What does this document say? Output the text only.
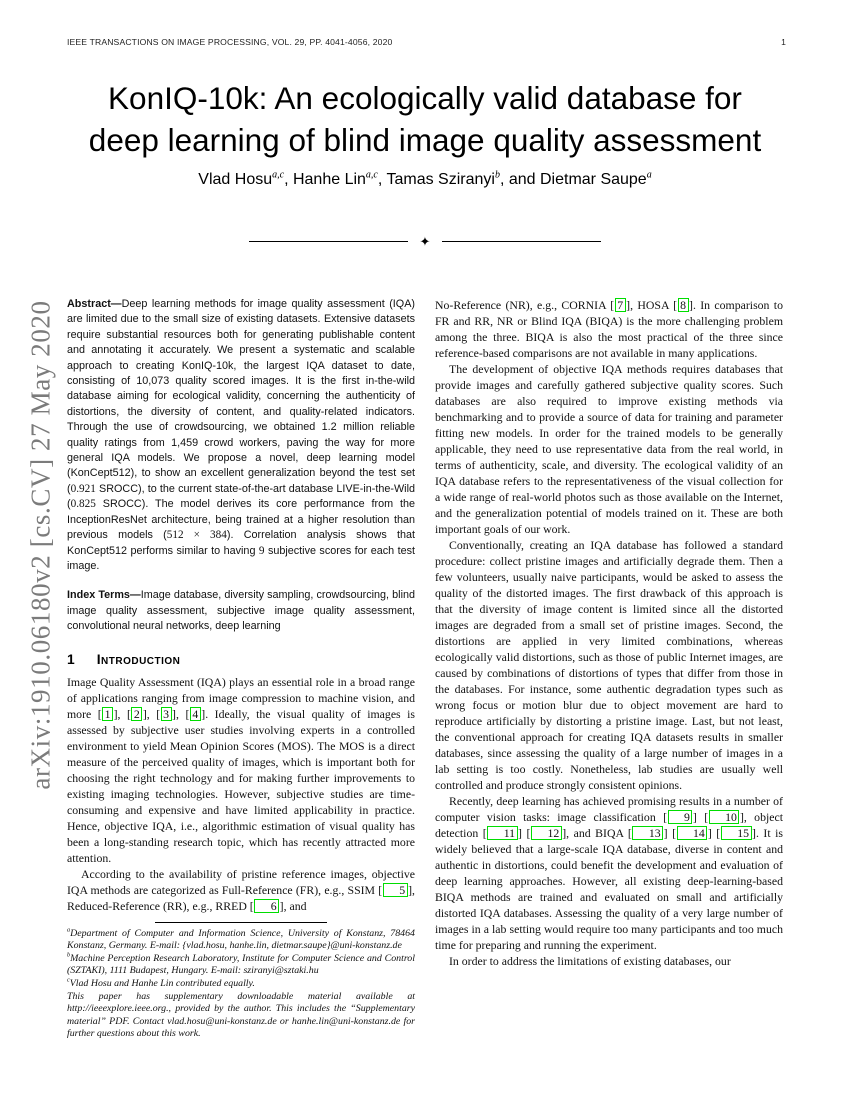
IEEE TRANSACTIONS ON IMAGE PROCESSING, VOL. 29, PP. 4041-4056, 2020	1
arXiv:1910.06180v2 [cs.CV] 27 May 2020
KonIQ-10k: An ecologically valid database for
deep learning of blind image quality assessment
Vlad Hosu$^{a,c}$, Hanhe Lin$^{a,c}$, Tamas Sziranyi$^b$, and Dietmar Saupe$^a$
✦
Abstract—Deep learning methods for image quality assessment (IQA) are limited due to the small size of existing datasets. Extensive datasets require substantial resources both for generating publishable content and annotating it accurately. We present a systematic and scalable approach to creating KonIQ-10k, the largest IQA dataset to date, consisting of 10,073 quality scored images. It is the first in-the-wild database aiming for ecological validity, concerning the authenticity of distortions, the diversity of content, and quality-related indicators. Through the use of crowdsourcing, we obtained 1.2 million reliable quality ratings from 1,459 crowd workers, paving the way for more general IQA models. We propose a novel, deep learning model (KonCept512), to show an excellent generalization beyond the test set (0.921 SROCC), to the current state-of-the-art database LIVE-in-the-Wild (0.825 SROCC). The model derives its core performance from the InceptionResNet architecture, being trained at a higher resolution than previous models (512 × 384). Correlation analysis shows that KonCept512 performs similar to having 9 subjective scores for each test image.
Index Terms—Image database, diversity sampling, crowdsourcing, blind image quality assessment, subjective image quality assessment, convolutional neural networks, deep learning
1 Introduction

Image Quality Assessment (IQA) plays an essential role in a broad range of applications ranging from image compression to machine vision, and more [ 1 ], [ 2 ], [ 3 ], [ 4 ]. Ideally, the visual quality of images is assessed by subjective user studies involving experts in a controlled environment to yield Mean Opinion Scores (MOS). The MOS is a direct measure of the perceived quality of images, which is important both for choosing the right technology and for making further improvements to existing imaging technologies. However, subjective studies are time-consuming and expensive and have limited applicability in practice. Hence, objective IQA, i.e., algorithmic estimation of visual quality has been a long-standing research topic, which has recently attracted more attention.

According to the availability of pristine reference images, objective IQA methods are categorized as Full-Reference (FR), e.g., SSIM [ 5 ], Reduced-Reference (RR), e.g., RRED [ 6 ], and

$^a$Department of Computer and Information Science, University of Konstanz, 78464 Konstanz, Germany. E-mail: {vlad.hosu, hanhe.lin, dietmar.saupe}@uni-konstanz.de

$^b$Machine Perception Research Laboratory, Institute for Computer Science and Control (SZTAKI), 1111 Budapest, Hungary. E-mail: sziranyi@sztaki.hu

$^c$Vlad Hosu and Hanhe Lin contributed equally.

This paper has supplementary downloadable material available at http://ieeexplore.ieee.org., provided by the author. This includes the “Supplementary material” PDF. Contact vlad.hosu@uni-konstanz.de or hanhe.lin@uni-konstanz.de for further questions about this work.

No-Reference (NR), e.g., CORNIA [ 7 ], HOSA [ 8 ]. In comparison to FR and RR, NR or Blind IQA (BIQA) is the more challenging problem among the three. BIQA is also the most practical of the three since reference-based comparisons are not available in many applications.

The development of objective IQA methods requires databases that provide images and carefully gathered subjective quality scores. Such databases are also required to improve existing methods via benchmarking and to provide a source of data for training and parameter fitting new models. In order for the trained models to be generally applicable, they need to use representative data from the real world, in terms of authenticity, scale, and diversity. The ecological validity of an IQA database refers to the representativeness of the visual collection for a wide range of real-world photos such as those available on the Internet, and the generalization potential of models trained on it. These are both important goals of our work.

Conventionally, creating an IQA database has followed a standard procedure: collect pristine images and artificially degrade them. Then a few volunteers, usually naive participants, would be asked to assess the quality of the distorted images. The first drawback of this approach is that the diversity of image content is limited since all the distorted images are degraded from a small set of pristine images. Second, the distortions are applied in very limited combinations, whereas ecologically valid distortions, such as those of public Internet images, are caused by combinations of distortions of types that differ from those in the databases. For instance, some authentic degradation types such as wrong focus or motion blur due to object movement are hard to reproduce artificially by distorting a pristine image. Last, but not least, the conventional approach for creating IQA datasets results in smaller databases, since assessing the quality of a large number of images in a lab setting is too costly. Nonetheless, lab studies are usually well controlled and produce strongly consistent opinions.

Recently, deep learning has achieved promising results in a number of computer vision tasks: image classification [ 9 ] [ 10 ], object detection [ 11 ] [ 12 ], and BIQA [ 13 ] [ 14 ] [ 15 ]. It is widely believed that a large-scale IQA database, diverse in content and authentic in distortions, could benefit the development and evaluation of deep learning approaches. However, all existing deep-learning-based BIQA methods are trained and evaluated on small and artificially distorted IQA databases. Assessing the quality of a very large number of images in a lab setting would require too many participants and too much time for preparing and running the experiment.

In order to address the limitations of existing databases, our
